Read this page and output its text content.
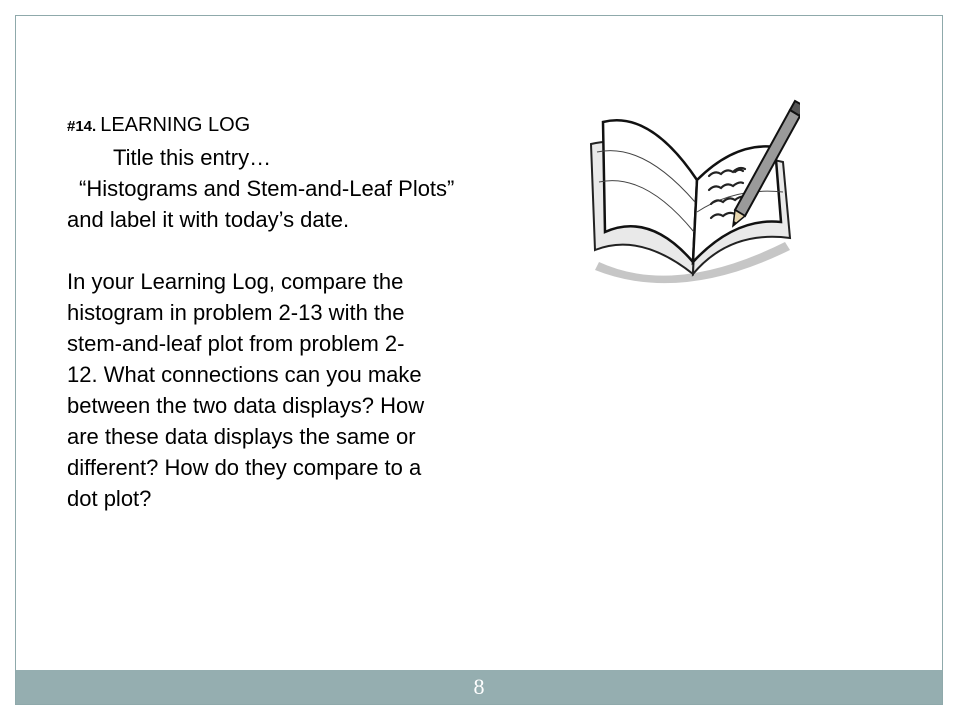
#14. LEARNING LOG
Title this entry…
“Histograms and Stem-and-Leaf Plots”
and label it with today’s date.
In your Learning Log, compare the
histogram in problem 2-13 with the
stem-and-leaf plot from problem 2-
12. What connections can you make
between the two data displays? How
are these data displays the same or
different? How do they compare to a
dot plot?
8
